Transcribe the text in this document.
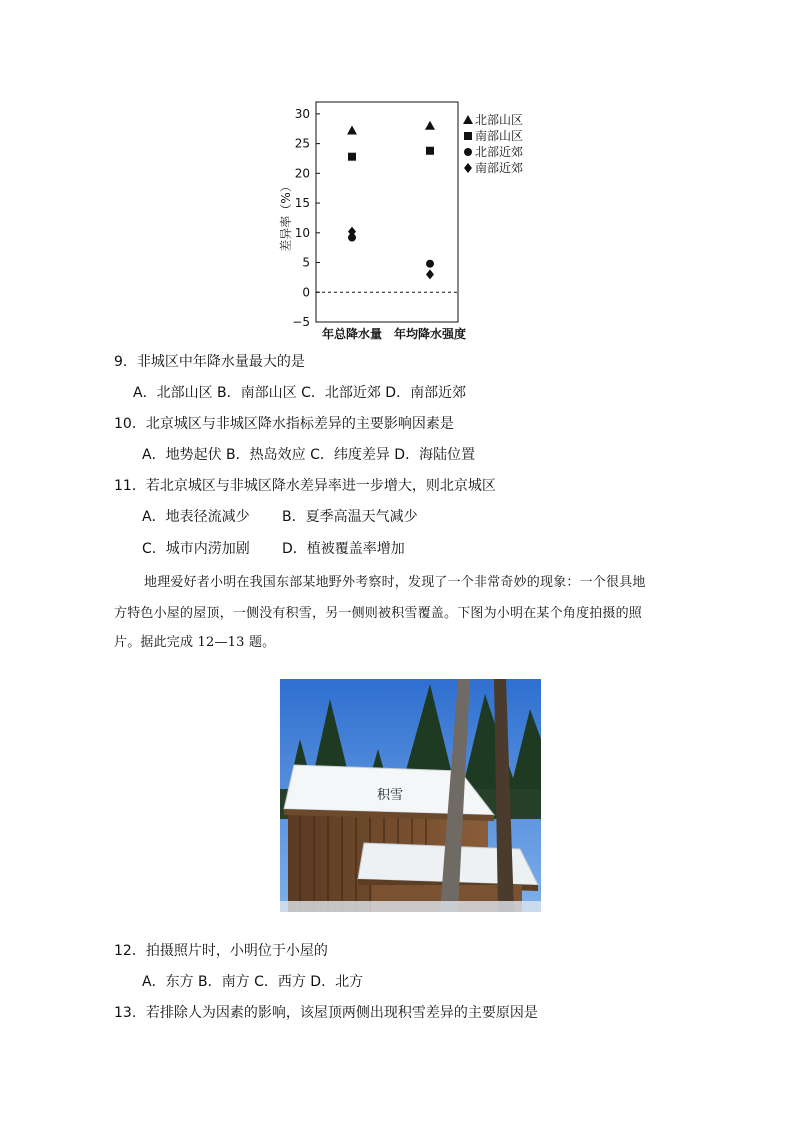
30
25
20
15
10
5
0
−5
年总降水量 年均降水强度
北部山区
南部山区
北部近郊
南部近郊
差异率（%）
9．非城区中年降水量最大的是
A．北部山区 B．南部山区 C．北部近郊 D．南部近郊
10．北京城区与非城区降水指标差异的主要影响因素是
A．地势起伏 B．热岛效应 C．纬度差异 D．海陆位置
11．若北京城区与非城区降水差异率进一步增大，则北京城区
A．地表径流减少 B．夏季高温天气减少
C．城市内涝加剧 D．植被覆盖率增加
地理爱好者小明在我国东部某地野外考察时，发现了一个非常奇妙的现象：一个很具地
方特色小屋的屋顶，一侧没有积雪，另一侧则被积雪覆盖。下图为小明在某个角度拍摄的照
片。据此完成 12—13 题。
积雪
12．拍摄照片时，小明位于小屋的
A．东方 B．南方 C．西方 D．北方
13．若排除人为因素的影响，该屋顶两侧出现积雪差异的主要原因是
